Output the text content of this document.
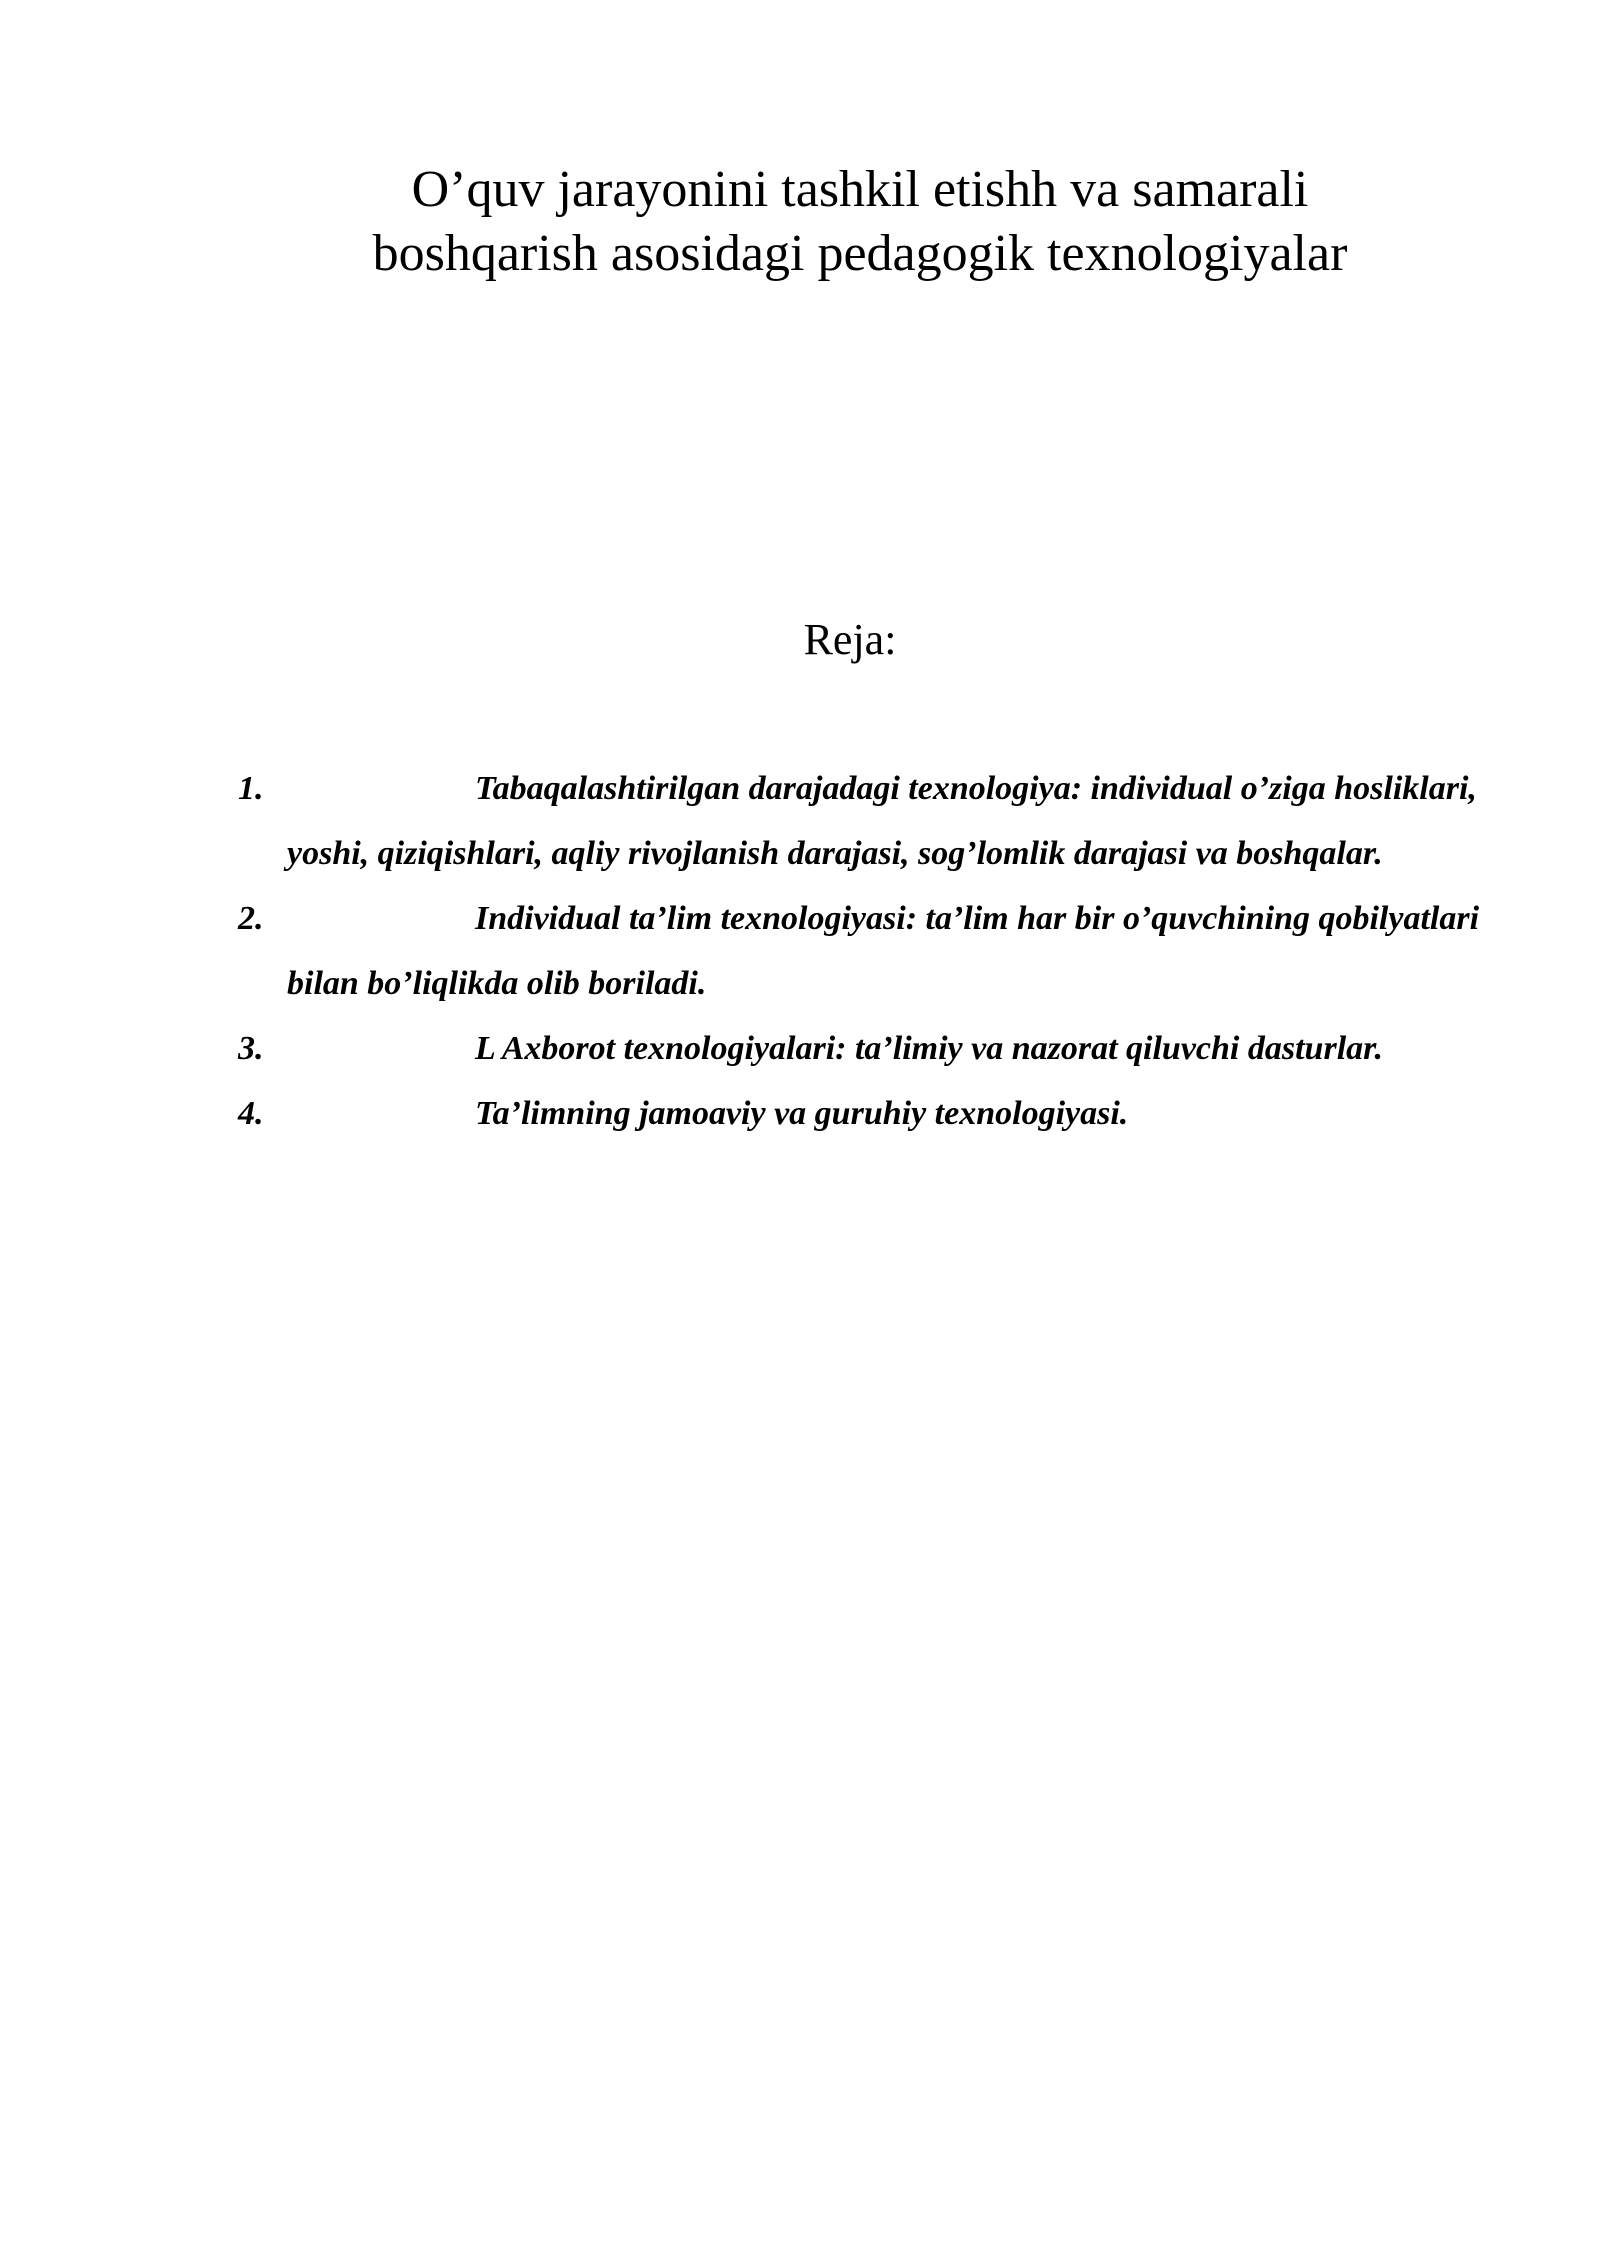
O’quv jarayonini tashkil etishh va samarali
boshqarish asosidagi pedagogik texnologiyalar
Reja:
1.	Tabaqalashtirilgan darajadagi texnologiya: individual o’ziga hosliklari, yoshi, qiziqishlari, aqliy rivojlanish darajasi, sog’lomlik darajasi va boshqalar.
2.	Individual ta’lim texnologiyasi: ta’lim har bir o’quvchining qobilyatlari bilan bo’liqlikda olib boriladi.
3.	L Axborot texnologiyalari: ta’limiy va nazorat qiluvchi dasturlar.
4.	Ta’limning jamoaviy va guruhiy texnologiyasi.
